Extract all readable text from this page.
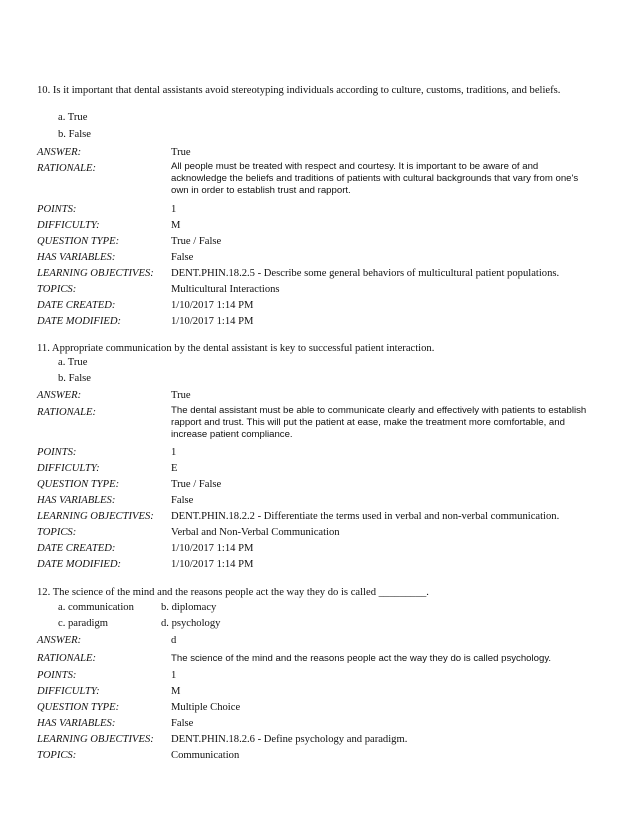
10. Is it important that dental assistants avoid stereotyping individuals according to culture, customs, traditions, and beliefs.
a. True
b. False
ANSWER:	True
RATIONALE:	All people must be treated with respect and courtesy. It is important to be aware of and acknowledge the beliefs and traditions of patients with cultural backgrounds that vary from one's own in order to establish trust and rapport.
POINTS:	1
DIFFICULTY:	M
QUESTION TYPE:	True / False
HAS VARIABLES:	False
LEARNING OBJECTIVES: DENT.PHIN.18.2.5 - Describe some general behaviors of multicultural patient populations.
TOPICS:	Multicultural Interactions
DATE CREATED:	1/10/2017 1:14 PM
DATE MODIFIED:	1/10/2017 1:14 PM
11. Appropriate communication by the dental assistant is key to successful patient interaction.
a. True
b. False
ANSWER:	True
RATIONALE:	The dental assistant must be able to communicate clearly and effectively with patients to establish rapport and trust. This will put the patient at ease, make the treatment more comfortable, and increase patient compliance.
POINTS:	1
DIFFICULTY:	E
QUESTION TYPE:	True / False
HAS VARIABLES:	False
LEARNING OBJECTIVES: DENT.PHIN.18.2.2 - Differentiate the terms used in verbal and non-verbal communication.
TOPICS:	Verbal and Non-Verbal Communication
DATE CREATED:	1/10/2017 1:14 PM
DATE MODIFIED:	1/10/2017 1:14 PM
12. The science of the mind and the reasons people act the way they do is called _________.
a. communication	b. diplomacy
c. paradigm	d. psychology
ANSWER:	d
RATIONALE:	The science of the mind and the reasons people act the way they do is called psychology.
POINTS:	1
DIFFICULTY:	M
QUESTION TYPE:	Multiple Choice
HAS VARIABLES:	False
LEARNING OBJECTIVES: DENT.PHIN.18.2.6 - Define psychology and paradigm.
TOPICS:	Communication
